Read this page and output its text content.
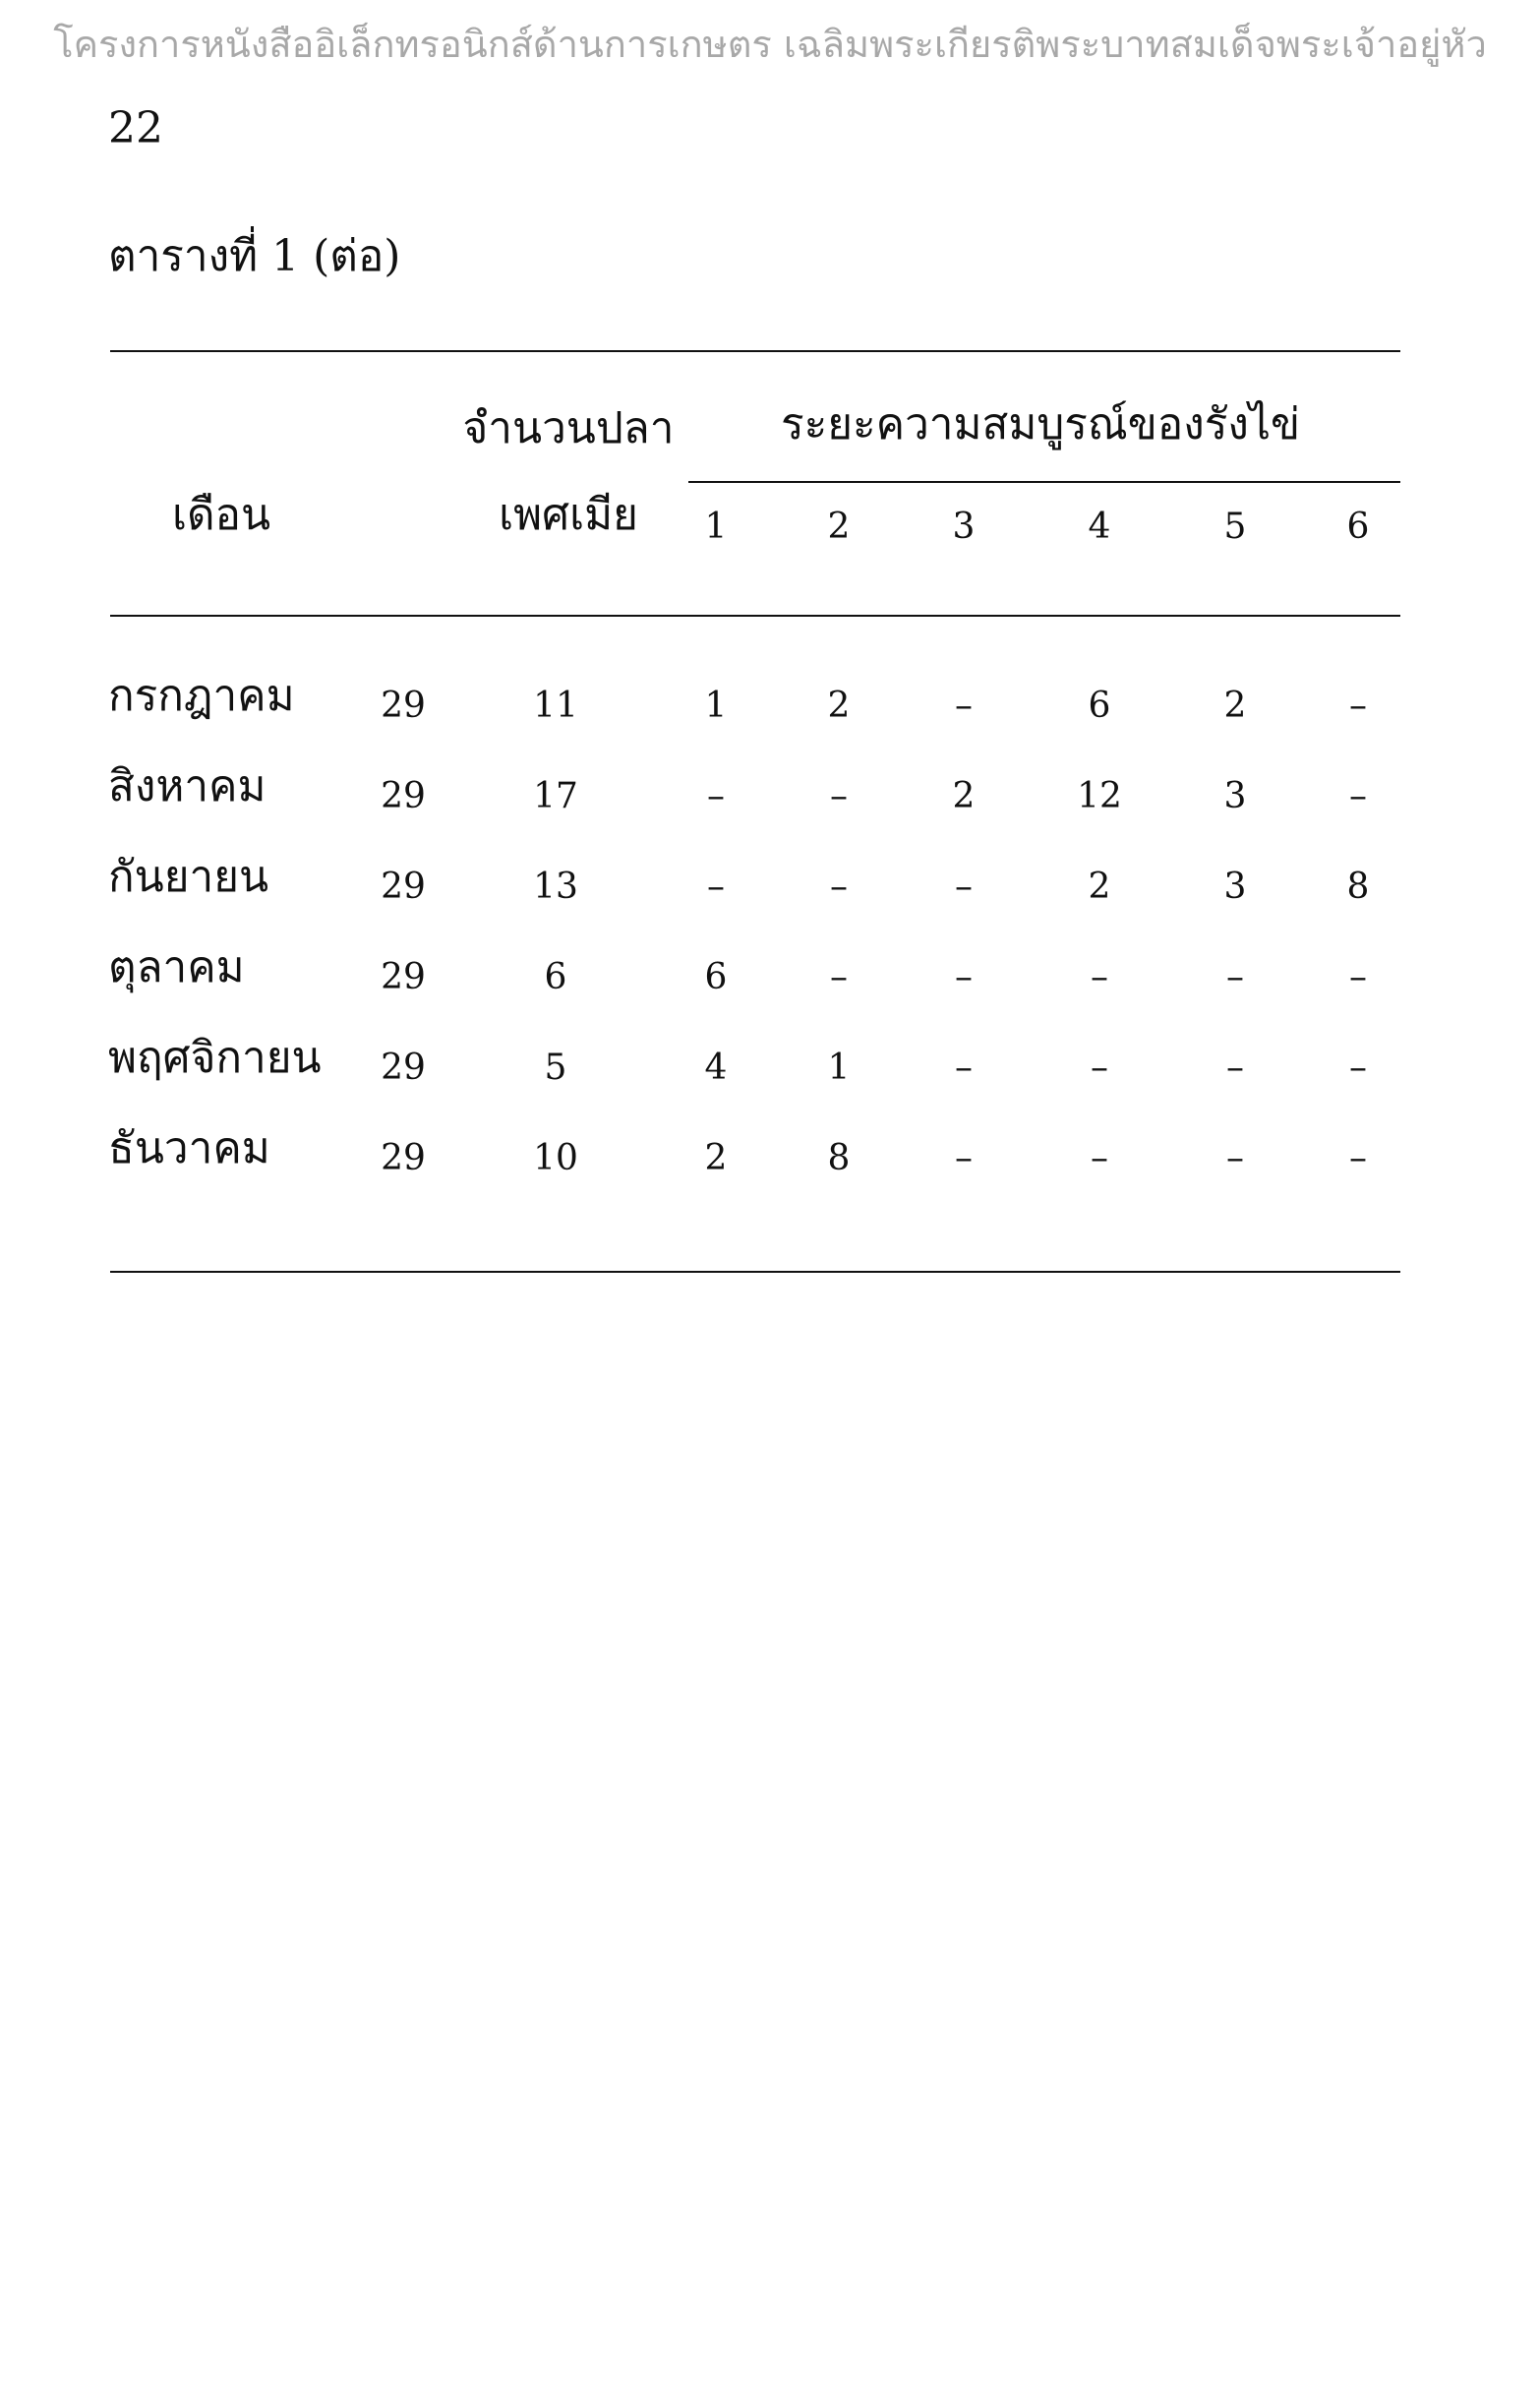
โครงการหนังสืออิเล็กทรอนิกส์ด้านการเกษตร เฉลิมพระเกียรติพระบาทสมเด็จพระเจ้าอยู่หัว
22
ตารางที่ 1 (ต่อ)
เดือน
จำนวนปลา
เพศเมีย
ระยะความสมบูรณ์ของรังไข่
1	2	3	4	5	6
กรกฎาคม 29	11	1	2	–	6	2	–
สิงหาคม	29	17	–	–	2	12	3	–
กันยายน	29	13	–	–	–	2	3	8
ตุลาคม	29	6	6	–	–	–	–	–
พฤศจิกายน 29	5	4	1	–	–	–	–
ธันวาคม	29	10	2	8	–	–	–	–
